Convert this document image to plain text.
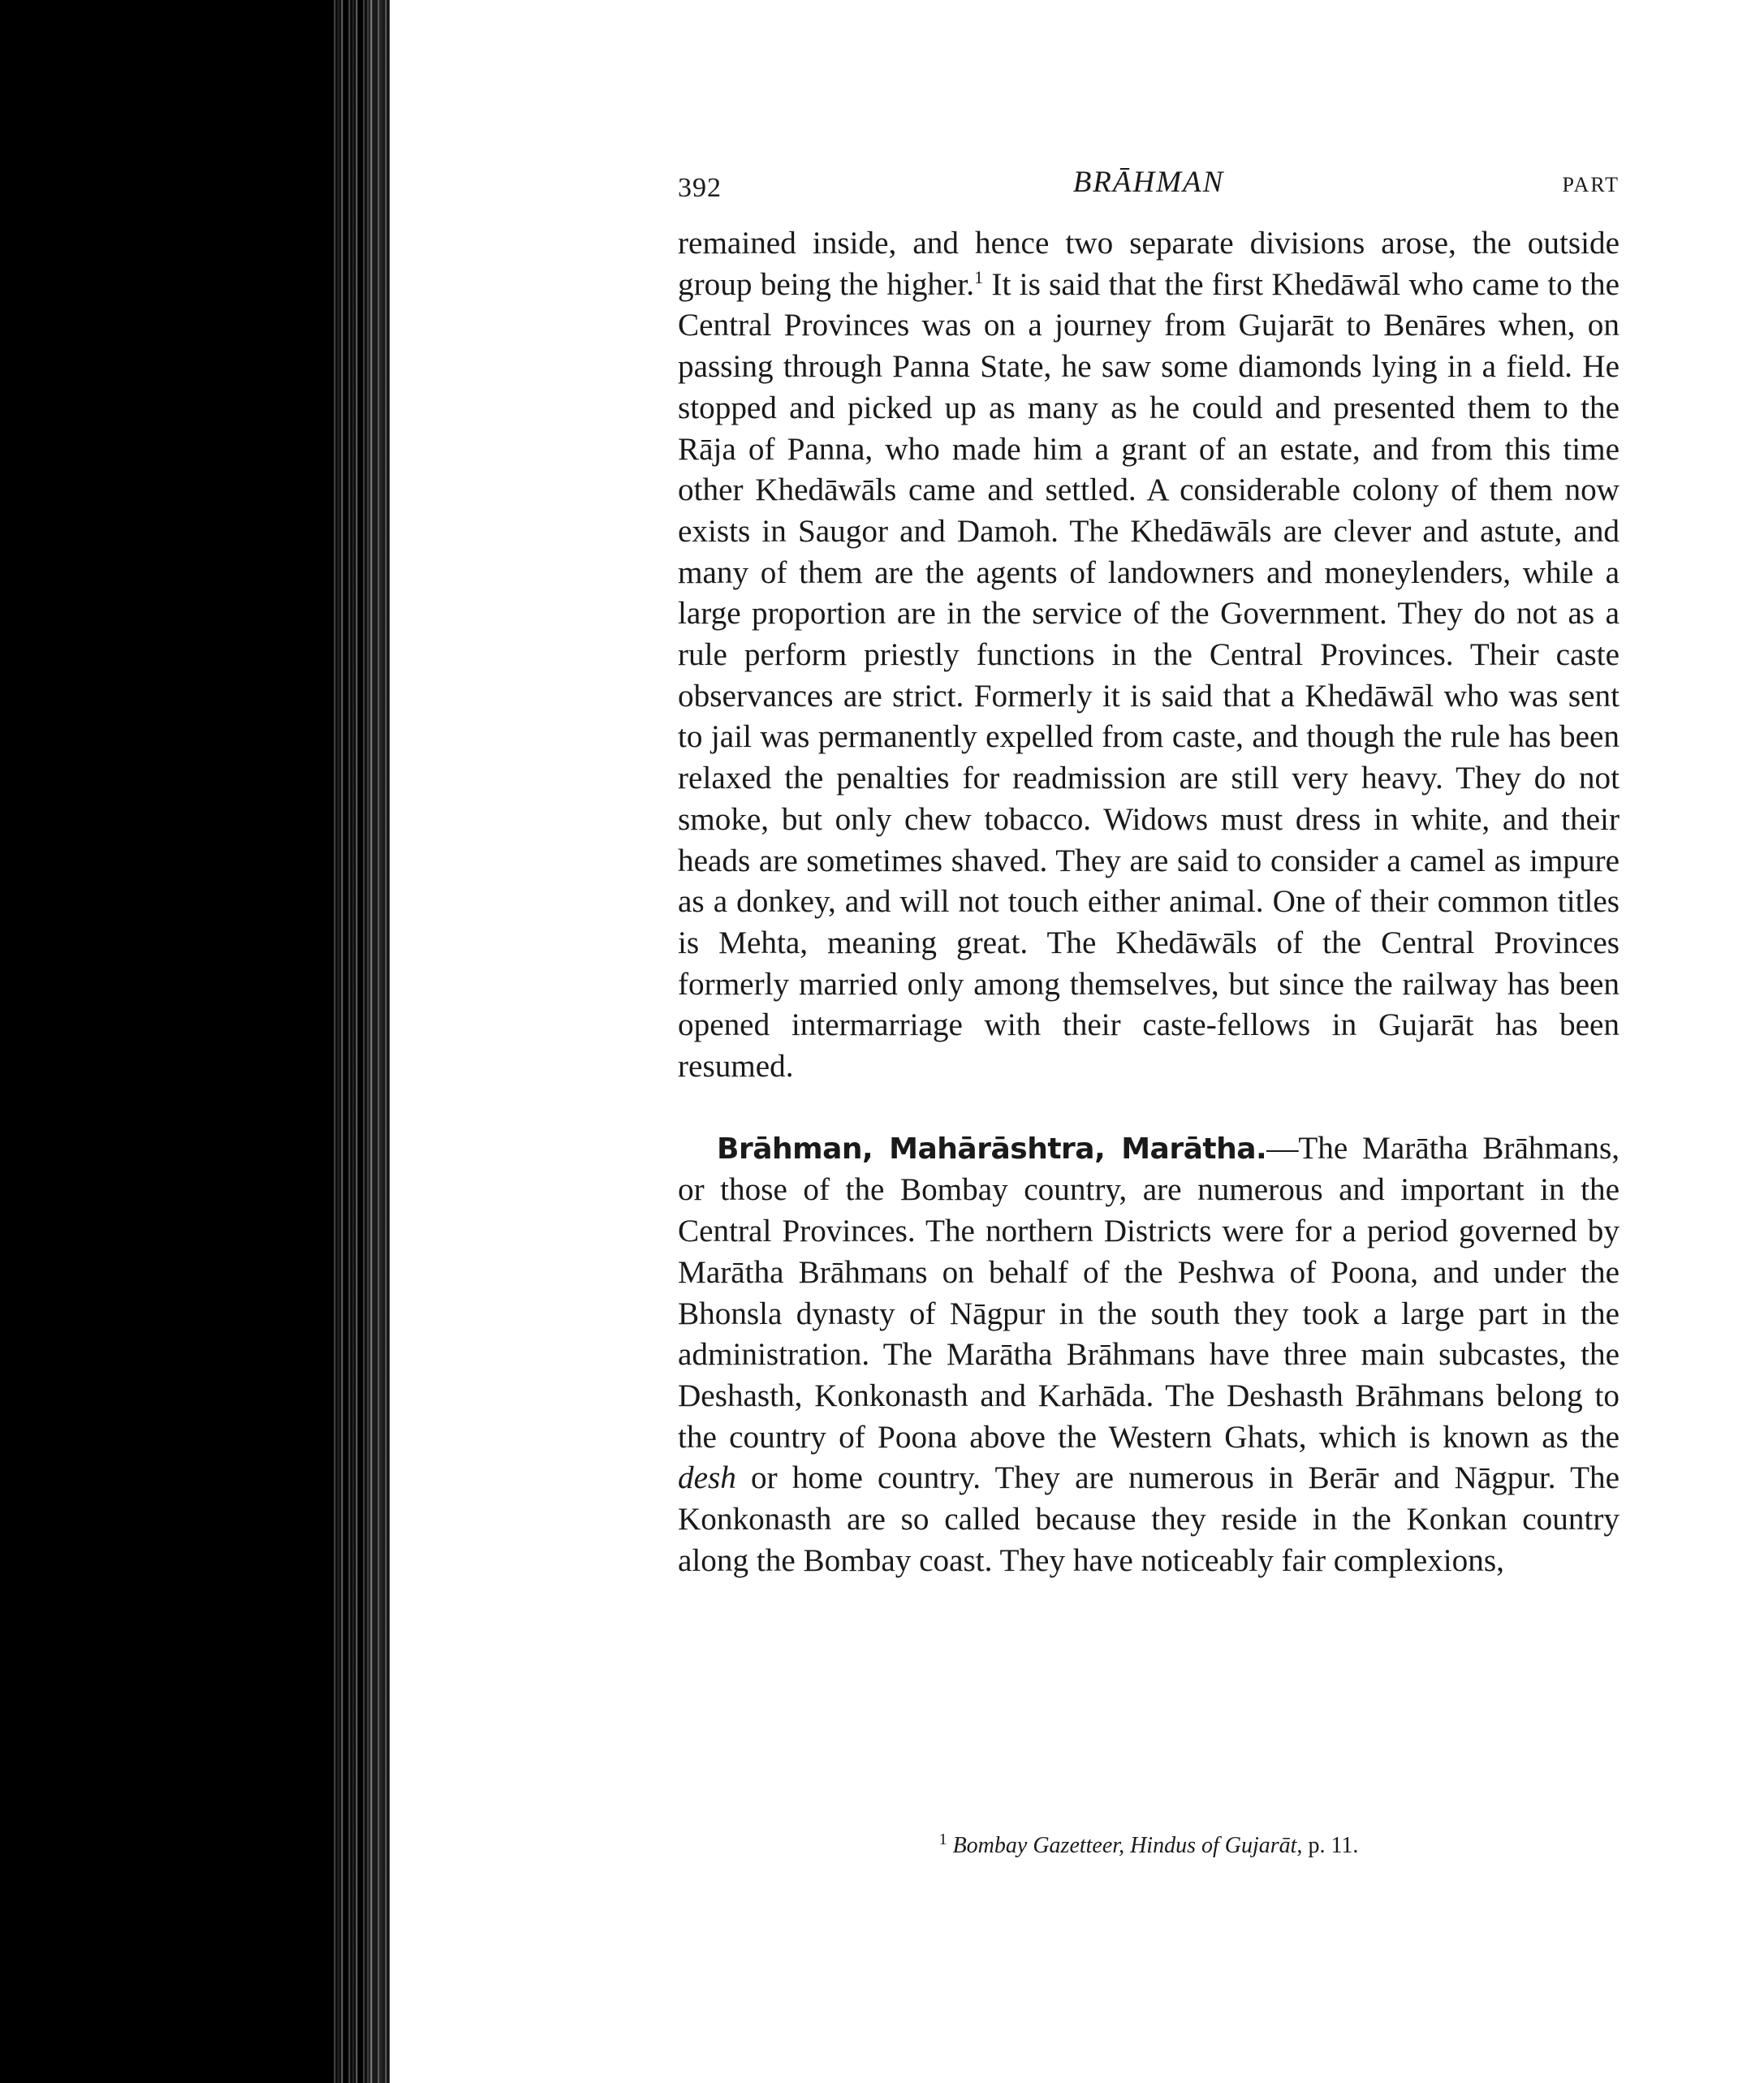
392	BRĀHMAN	PART

remained inside, and hence two separate divisions arose, the outside group being the higher.$^1$ It is said that the first Khedāwāl who came to the Central Provinces was on a journey from Gujarāt to Benāres when, on passing through Panna State, he saw some diamonds lying in a field. He stopped and picked up as many as he could and presented them to the Rāja of Panna, who made him a grant of an estate, and from this time other Khedāwāls came and settled. A considerable colony of them now exists in Saugor and Damoh. The Khedāwāls are clever and astute, and many of them are the agents of landowners and moneylenders, while a large proportion are in the service of the Government. They do not as a rule perform priestly functions in the Central Provinces. Their caste observances are strict. Formerly it is said that a Khedāwāl who was sent to jail was permanently expelled from caste, and though the rule has been relaxed the penalties for readmission are still very heavy. They do not smoke, but only chew tobacco. Widows must dress in white, and their heads are sometimes shaved. They are said to consider a camel as impure as a donkey, and will not touch either animal. One of their common titles is Mehta, meaning great. The Khedāwāls of the Central Provinces formerly married only among themselves, but since the railway has been opened intermarriage with their caste-fellows in Gujarāt has been resumed.

Brāhman, Mahārāshtra, Marātha.—The Marātha Brāhmans, or those of the Bombay country, are numerous and important in the Central Provinces. The northern Districts were for a period governed by Marātha Brāhmans on behalf of the Peshwa of Poona, and under the Bhonsla dynasty of Nāgpur in the south they took a large part in the administration. The Marātha Brāhmans have three main subcastes, the Deshasth, Konkonasth and Karhāda. The Deshasth Brāhmans belong to the country of Poona above the Western Ghats, which is known as the desh or home country. They are numerous in Berār and Nāgpur. The Konkonasth are so called because they reside in the Konkan country along the Bombay coast. They have noticeably fair complexions,

$^1$ Bombay Gazetteer, Hindus of Gujarāt, p. 11.
